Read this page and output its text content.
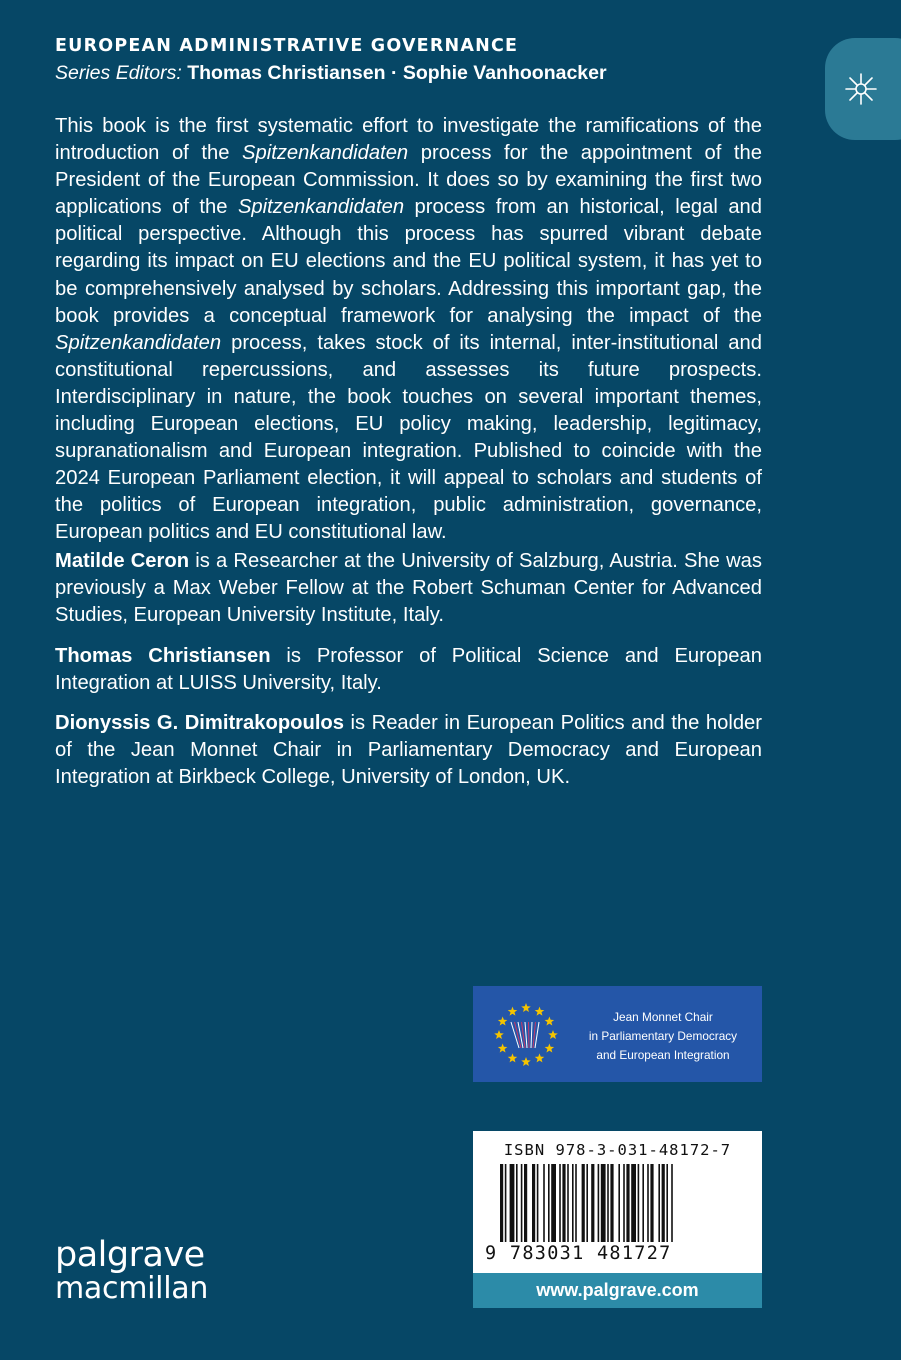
EUROPEAN ADMINISTRATIVE GOVERNANCE
Series Editors: Thomas Christiansen · Sophie Vanhoonacker

This book is the first systematic effort to investigate the ramifications of the introduction of the Spitzenkandidaten process for the appointment of the President of the European Commission. It does so by examining the first two applications of the Spitzenkandidaten process from an historical, legal and political perspective. Although this process has spurred vibrant debate regarding its impact on EU elections and the EU political system, it has yet to be comprehensively analysed by scholars. Addressing this important gap, the book provides a conceptual framework for analysing the impact of the Spitzenkandidaten process, takes stock of its internal, inter-institutional and constitutional repercussions, and assesses its future prospects. Interdisciplinary in nature, the book touches on several important themes, including European elections, EU policy making, leadership, legitimacy, supranationalism and European integration. Published to coincide with the 2024 European Parliament election, it will appeal to scholars and students of the politics of European integration, public administration, governance, European politics and EU constitutional law.

Matilde Ceron is a Researcher at the University of Salzburg, Austria. She was previously a Max Weber Fellow at the Robert Schuman Center for Advanced Studies, European University Institute, Italy.

Thomas Christiansen is Professor of Political Science and European Integration at LUISS University, Italy.

Dionyssis G. Dimitrakopoulos is Reader in European Politics and the holder of the Jean Monnet Chair in Parliamentary Democracy and European Integration at Birkbeck College, University of London, UK.

Jean Monnet Chair
in Parliamentary Democracy
and European Integration
ISBN 978-3-031-48172-7
9 783031 481727
www.palgrave.com
palgrave
macmillan
